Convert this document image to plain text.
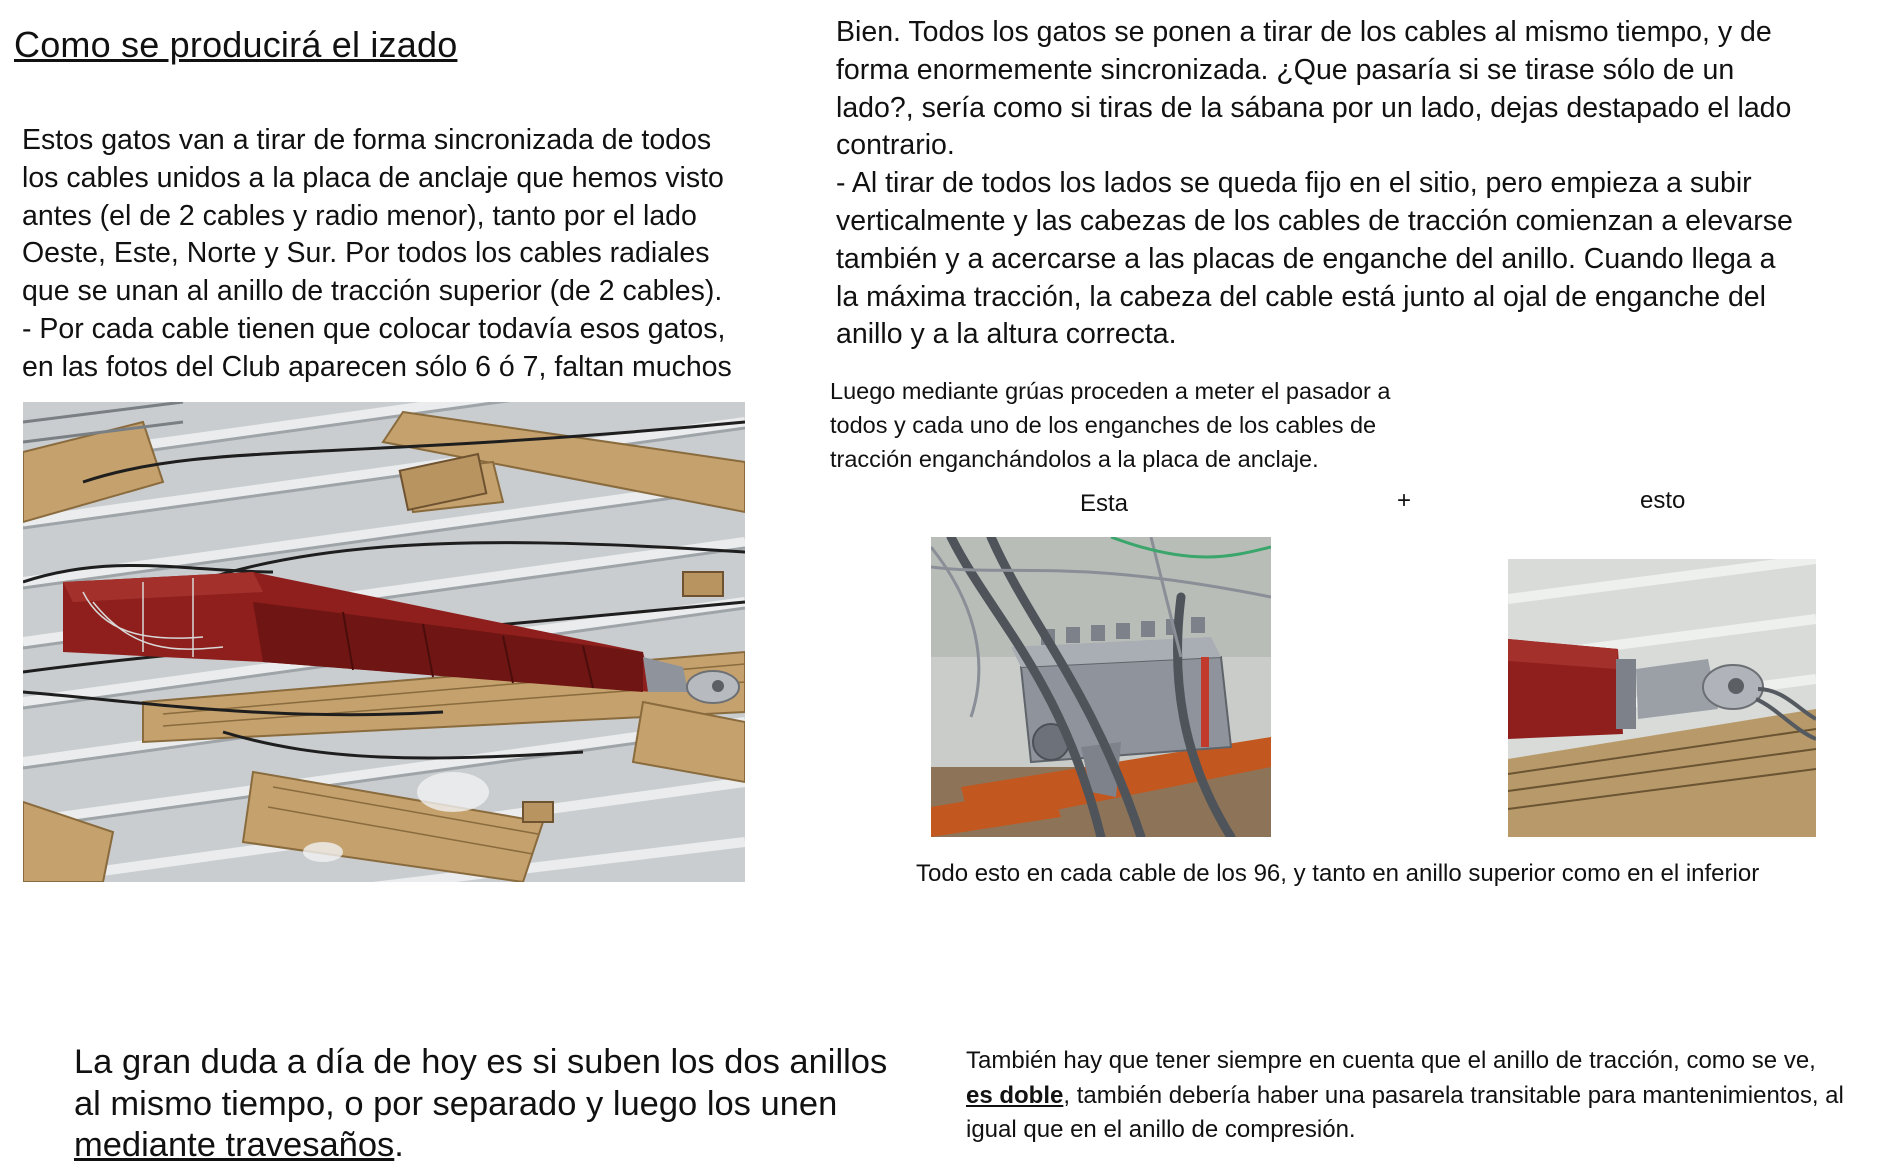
Como se producirá el izado
Estos gatos van a tirar de forma sincronizada de todos
los cables unidos a la placa de anclaje que hemos visto
antes (el de 2 cables y radio menor), tanto por el lado
Oeste, Este, Norte y Sur. Por todos los cables radiales
que se unan al anillo de tracción superior (de 2 cables).
- Por cada cable tienen que colocar todavía esos gatos,
en las fotos del Club aparecen sólo 6 ó 7, faltan muchos
Bien. Todos los gatos se ponen a tirar de los cables al mismo tiempo, y de
forma enormemente sincronizada. ¿Que pasaría si se tirase sólo de un
lado?, sería como si tiras de la sábana por un lado, dejas destapado el lado
contrario.
- Al tirar de todos los lados se queda fijo en el sitio, pero empieza a subir
verticalmente y las cabezas de los cables de tracción comienzan a elevarse
también y a acercarse a las placas de enganche del anillo. Cuando llega a
la máxima tracción, la cabeza del cable está junto al ojal de enganche del
anillo y a la altura correcta.
Luego mediante grúas proceden a meter el pasador a
todos y cada uno de los enganches de los cables de
tracción enganchándolos a la placa de anclaje.
Esta	+	esto
Todo esto en cada cable de los 96, y tanto en anillo superior como en el inferior
La gran duda a día de hoy es si suben los dos anillos
al mismo tiempo, o por separado y luego los unen
mediante travesaños.
También hay que tener siempre en cuenta que el anillo de tracción, como se ve, es doble, también debería haber una pasarela transitable para mantenimientos, al igual que en el anillo de compresión.
